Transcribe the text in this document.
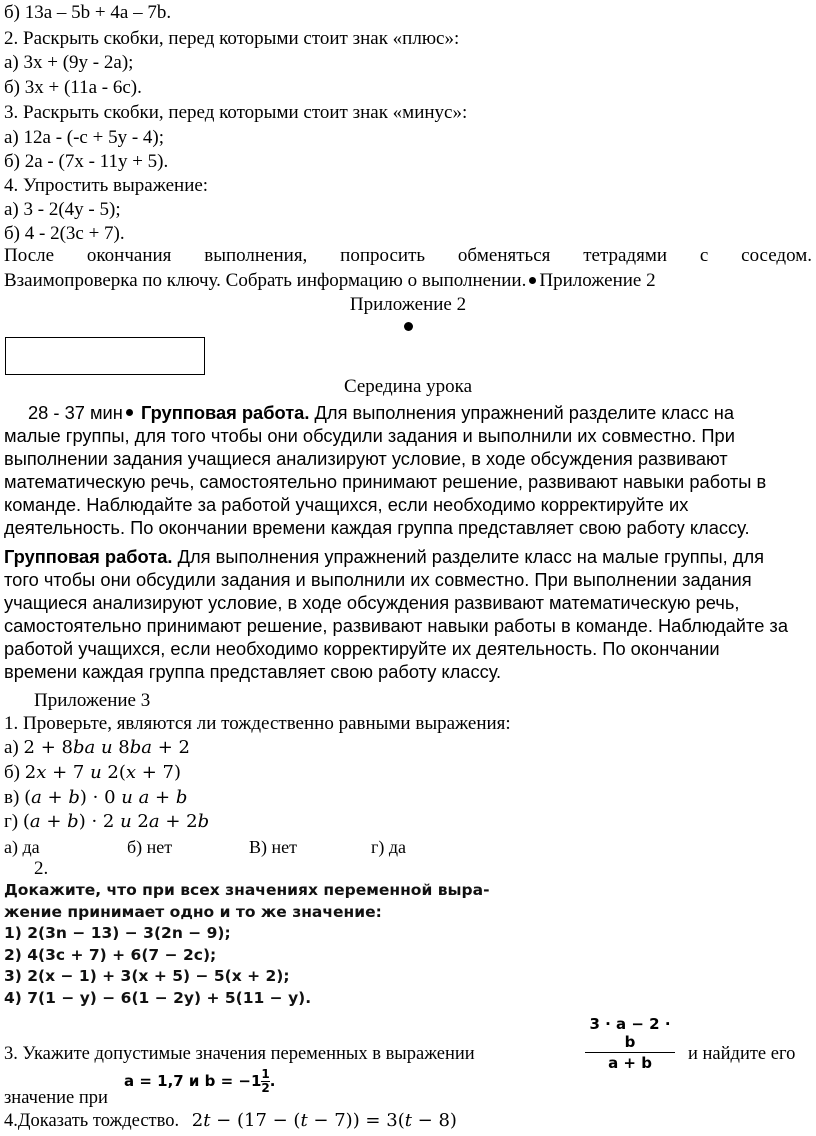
б) 13a – 5b + 4a – 7b.
2. Раскрыть скобки, перед которыми стоит знак «плюс»:
а) 3х + (9у - 2а);
б) 3х + (11а - 6с).
3. Раскрыть скобки, перед которыми стоит знак «минус»:
а) 12а - (-с + 5у - 4);
б) 2а - (7х - 11у + 5).
4. Упростить выражение:
а) 3 - 2(4у - 5);
б) 4 - 2(3с + 7).
После окончания выполнения, попросить обменяться тетрадями с соседом.
Взаимопроверка по ключу. Собрать информацию о выполнении. Приложение 2
Приложение 2
Середина урока
28 - 37 мин Групповая работа. Для выполнения упражнений разделите класс на малые группы, для того чтобы они обсудили задания и выполнили их совместно. При выполнении задания учащиеся анализируют условие, в ходе обсуждения развивают математическую речь, самостоятельно принимают решение, развивают навыки работы в команде. Наблюдайте за работой учащихся, если необходимо корректируйте их деятельность. По окончании времени каждая группа представляет свою работу классу.
Групповая работа. Для выполнения упражнений разделите класс на малые группы, для того чтобы они обсудили задания и выполнили их совместно. При выполнении задания учащиеся анализируют условие, в ходе обсуждения развивают математическую речь, самостоятельно принимают решение, развивают навыки работы в команде. Наблюдайте за работой учащихся, если необходимо корректируйте их деятельность. По окончании времени каждая группа представляет свою работу классу.
Приложение 3
1. Проверьте, являются ли тождественно равными выражения:
а) 2 + 8ba и 8ba + 2
б) 2x + 7 и 2(x + 7)
в) (a + b) · 0 и a + b
г) (a + b) · 2 и 2a + 2b
а) да	б) нет	В) нет	г) да
2.
Докажите, что при всех значениях переменной выра-
жение принимает одно и то же значение:
1) 2(3n − 13) − 3(2n − 9);
2) 4(3c + 7) + 6(7 − 2c);
3) 2(x − 1) + 3(x + 5) − 5(x + 2);
4) 7(1 − y) − 6(1 − 2y) + 5(11 − y).
3. Укажите допустимые значения переменных в выражении	$\frac{3 \cdot a - 2 \cdot b}{a + b}$ и найдите его
значение при
a = 1,7 и $b = -1 \frac{1}{2}$ .
4.Доказать тождество. 2t − (17 − (t − 7)) = 3(t − 8)
